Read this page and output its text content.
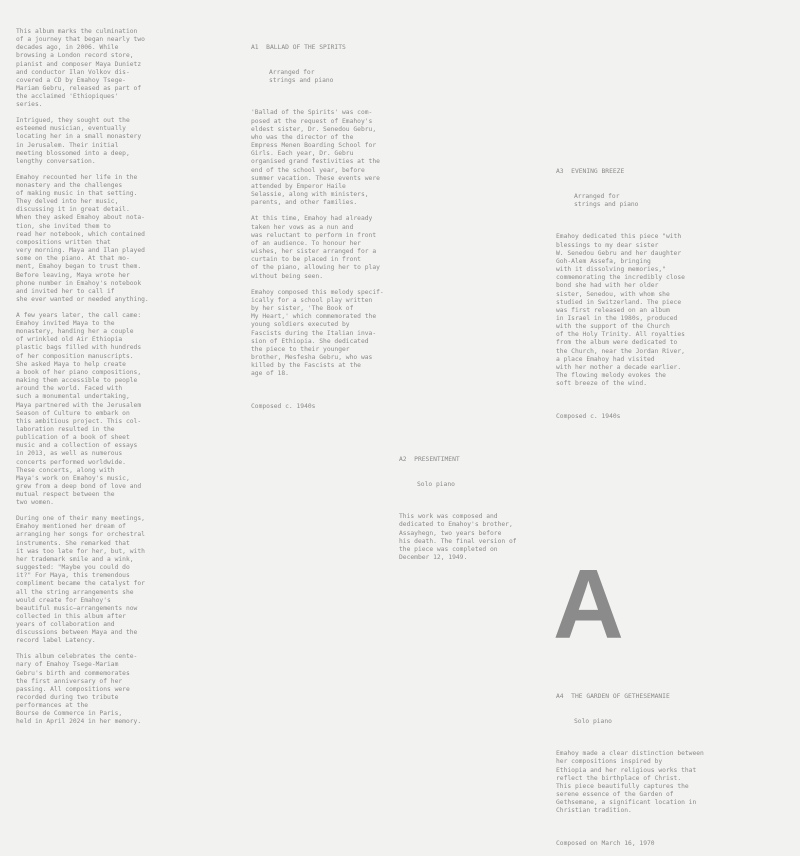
This album marks the culmination
of a journey that began nearly two
decades ago, in 2006. While
browsing a London record store,
pianist and composer Maya Dunietz
and conductor Ilan Volkov dis-
covered a CD by Emahoy Tsege-
Mariam Gebru, released as part of
the acclaimed 'Ethiopiques'
series.

Intrigued, they sought out the
esteemed musician, eventually
locating her in a small monastery
in Jerusalem. Their initial
meeting blossomed into a deep,
lengthy conversation.

Emahoy recounted her life in the
monastery and the challenges
of making music in that setting.
They delved into her music,
discussing it in great detail.
When they asked Emahoy about nota-
tion, she invited them to
read her notebook, which contained
compositions written that
very morning. Maya and Ilan played
some on the piano. At that mo-
ment, Emahoy began to trust them.
Before leaving, Maya wrote her
phone number in Emahoy's notebook
and invited her to call if
she ever wanted or needed anything.

A few years later, the call came:
Emahoy invited Maya to the
monastery, handing her a couple
of wrinkled old Air Ethiopia
plastic bags filled with hundreds
of her composition manuscripts.
She asked Maya to help create
a book of her piano compositions,
making them accessible to people
around the world. Faced with
such a monumental undertaking,
Maya partnered with the Jerusalem
Season of Culture to embark on
this ambitious project. This col-
laboration resulted in the
publication of a book of sheet
music and a collection of essays
in 2013, as well as numerous
concerts performed worldwide.
These concerts, along with
Maya's work on Emahoy's music,
grew from a deep bond of love and
mutual respect between the
two women.

During one of their many meetings,
Emahoy mentioned her dream of
arranging her songs for orchestral
instruments. She remarked that
it was too late for her, but, with
her trademark smile and a wink,
suggested: "Maybe you could do
it?" For Maya, this tremendous
compliment became the catalyst for
all the string arrangements she
would create for Emahoy's
beautiful music—arrangements now
collected in this album after
years of collaboration and
discussions between Maya and the
record label Latency.

This album celebrates the cente-
nary of Emahoy Tsege-Mariam
Gebru's birth and commemorates
the first anniversary of her
passing. All compositions were
recorded during two tribute
performances at the
Bourse de Commerce in Paris,
held in April 2024 in her memory.

A1  BALLAD OF THE SPIRITS

Arranged for
strings and piano

'Ballad of the Spirits' was com-
posed at the request of Emahoy's
eldest sister, Dr. Senedou Gebru,
who was the director of the
Empress Menen Boarding School for
Girls. Each year, Dr. Gebru
organised grand festivities at the
end of the school year, before
summer vacation. These events were
attended by Emperor Haile
Selassie, along with ministers,
parents, and other families.

At this time, Emahoy had already
taken her vows as a nun and
was reluctant to perform in front
of an audience. To honour her
wishes, her sister arranged for a
curtain to be placed in front
of the piano, allowing her to play
without being seen.

Emahoy composed this melody specif-
ically for a school play written
by her sister, 'The Book of
My Heart,' which commemorated the
young soldiers executed by
Fascists during the Italian inva-
sion of Ethiopia. She dedicated
the piece to their younger
brother, Mesfesha Gebru, who was
killed by the Fascists at the
age of 18.

Composed c. 1940s

A3  EVENING BREEZE

Arranged for
strings and piano

Emahoy dedicated this piece "with
blessings to my dear sister
W. Senedou Gebru and her daughter
Goh-Alem Assefa, bringing
with it dissolving memories,"
commemorating the incredibly close
bond she had with her older
sister, Senedou, with whom she
studied in Switzerland. The piece
was first released on an album
in Israel in the 1980s, produced
with the support of the Church
of the Holy Trinity. All royalties
from the album were dedicated to
the Church, near the Jordan River,
a place Emahoy had visited
with her mother a decade earlier.
The flowing melody evokes the
soft breeze of the wind.

Composed c. 1940s

A2  PRESENTIMENT

Solo piano

This work was composed and
dedicated to Emahoy's brother,
Assayhegn, two years before
his death. The final version of
the piece was completed on
December 12, 1949. A

A4  THE GARDEN OF GETHESEMANIE

Solo piano

Emahoy made a clear distinction between
her compositions inspired by
Ethiopia and her religious works that
reflect the birthplace of Christ.
This piece beautifully captures the
serene essence of the Garden of
Gethsemane, a significant location in
Christian tradition.

Composed on March 16, 1970
